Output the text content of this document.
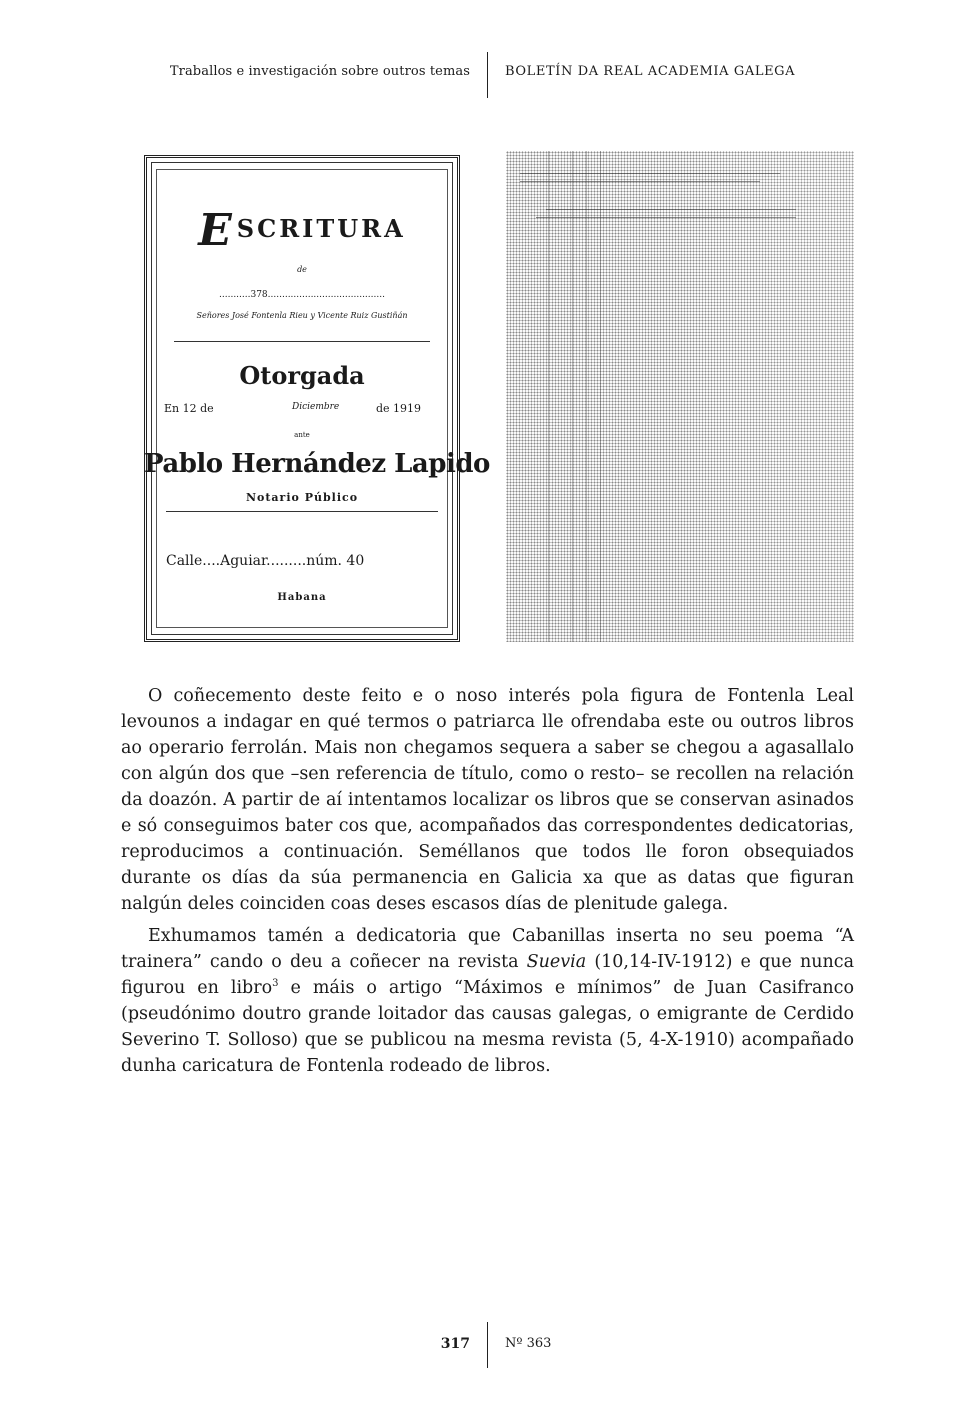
Traballos e investigación sobre outros temas	BOLETÍN DA REAL ACADEMIA GALEGA
ESCRITURA
de
...........378.........................................
Señores José Fontenla Rieu y Vicente Ruiz Gustiñán
Otorgada
En 12 de	Diciembre	de 1919
ante
Pablo Hernández Lapido
Notario Público
Calle....Aguiar.........núm. 40
Habana

O coñecemento deste feito e o noso interés pola figura de Fontenla Leal levounos a indagar en qué termos o patriarca lle ofrendaba este ou outros libros ao operario ferrolán. Mais non chegamos sequera a saber se chegou a agasallalo con algún dos que –sen referencia de título, como o resto– se recollen na relación da doazón. A partir de aí intentamos localizar os libros que se conservan asinados e só conseguimos bater cos que, acompañados das correspondentes dedicatorias, reproducimos a continuación. Seméllanos que todos lle foron obsequiados durante os días da súa permanencia en Galicia xa que as datas que figuran nalgún deles coinciden coas deses escasos días de plenitude galega.

Exhumamos tamén a dedicatoria que Cabanillas inserta no seu poema “A trainera” cando o deu a coñecer na revista Suevia (10,14-IV-1912) e que nunca figurou en libro$^3$ e máis o artigo “Máximos e mínimos” de Juan Casifranco (pseudónimo doutro grande loitador das causas galegas, o emigrante de Cerdido Severino T. Solloso) que se publicou na mesma revista (5, 4-X-1910) acompañado dunha caricatura de Fontenla rodeado de libros.

317	Nº 363
